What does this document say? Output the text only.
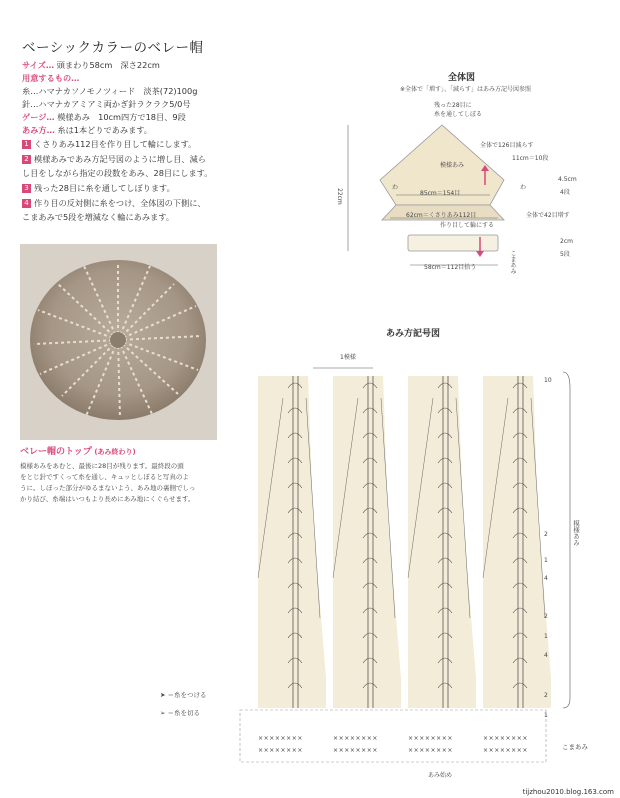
ベーシックカラーのベレー帽
サイズ… 頭まわり58cm　深さ22cm
用意するもの…
糸…ハマナカソノモノツィード　淡茶(72)100g
針…ハマナカアミアミ両かぎ針ラクラク5/0号
ゲージ… 模様あみ　10cm四方で18目、9段
あみ方… 糸は1本どりであみます。
1 くさりあみ112目を作り目して輪にします。
2 模様あみであみ方記号図のように増し目、減ら
し目をしながら指定の段数をあみ、28目にします。
3 残った28目に糸を通してしぼります。
4 作り目の反対側に糸をつけ、全体図の下側に、
こまあみで5段を増減なく輪にあみます。
ベレー帽のトップ (あみ終わり)
模様あみをあむと、最後に28目が残ります。最終段の頭
をとじ針ですくって糸を通し、キュッとしぼると写真のよ
うに。しぼった部分がゆるまないよう、あみ地の裏側でしっ
かり結び、糸端はいつもより長めにあみ地にくぐらせます。
➤ ＝糸をつける
➢ ＝糸を切る
全体図
※全体で「増す」、「減らす」はあみ方記号図参照
残った28目に
糸を通してしぼる
全体で126目減らす
模様あみ
11cm＝10段
4.5cm
4段
わ	わ
85cm＝154目
22cm
62cm＝くさりあみ112目
作り目して輪にする
全体で42目増す
2cm
5段
こまあみ
58cm＝112目拾う
あみ方記号図
1模様
10
2
1
4
2
1
4
2
1
模様あみ
こまあみ
××××××××	××××××××	××××××××	××××××××
××××××××	××××××××	××××××××	××××××××
あみ始め
tijzhou2010.blog.163.com
